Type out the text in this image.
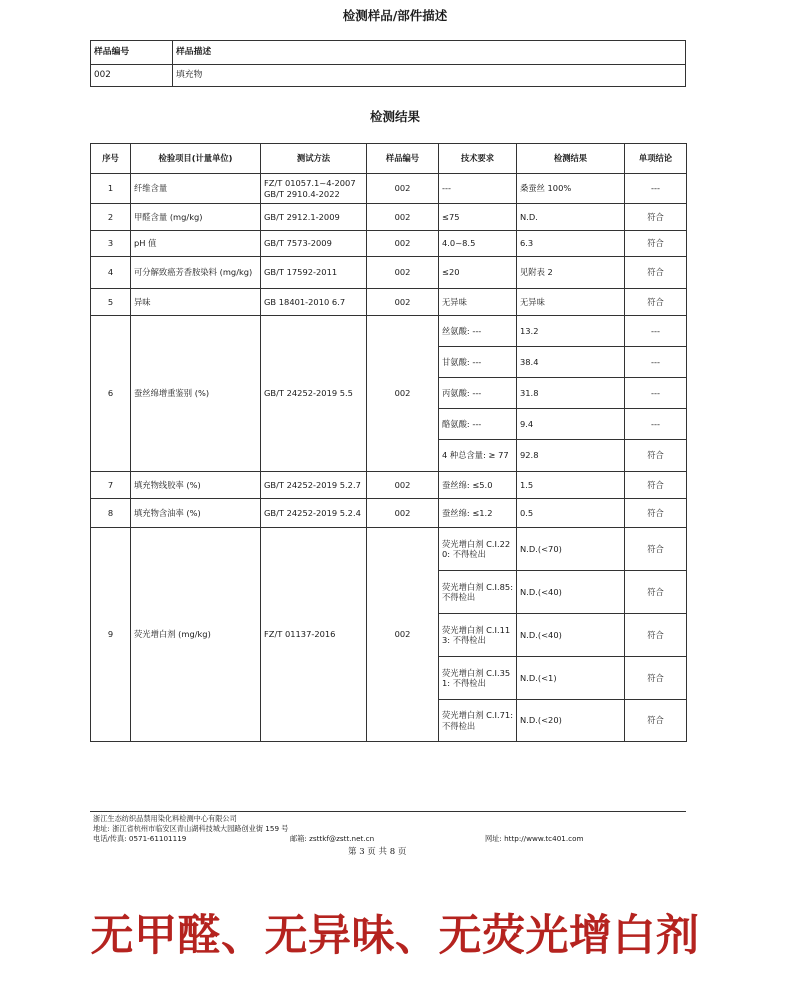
检测样品/部件描述
样品编号	样品描述
002	填充物
检测结果
序号	检验项目(计量单位)	测试方法	样品编号	技术要求	检测结果	单项结论
1	纤维含量	FZ/T 01057.1~4-2007 GB/T 2910.4-2022	002	---	桑蚕丝 100%	---
2	甲醛含量 (mg/kg)	GB/T 2912.1-2009	002	≤75	N.D.	符合
3	pH 值	GB/T 7573-2009	002	4.0~8.5	6.3	符合
4	可分解致癌芳香胺染料 (mg/kg)	GB/T 17592-2011	002	≤20	见附表 2	符合
5	异味	GB 18401-2010 6.7	002	无异味	无异味	符合
6	蚕丝绵增重鉴别 (%)	GB/T 24252-2019 5.5	002	丝氨酸: ---	13.2	---
				甘氨酸: ---	38.4	---
				丙氨酸: ---	31.8	---
				酪氨酸: ---	9.4	---
				4 种总含量: ≥ 77	92.8	符合
7	填充物线胶率 (%)	GB/T 24252-2019 5.2.7	002	蚕丝绵: ≤5.0	1.5	符合
8	填充物含油率 (%)	GB/T 24252-2019 5.2.4	002	蚕丝绵: ≤1.2	0.5	符合
9	荧光增白剂 (mg/kg)	FZ/T 01137-2016	002	荧光增白剂 C.I.220: 不得检出	N.D.(<70)	符合
				荧光增白剂 C.I.85: 不得检出	N.D.(<40)	符合
				荧光增白剂 C.I.113: 不得检出	N.D.(<40)	符合
				荧光增白剂 C.I.351: 不得检出	N.D.(<1)	符合
				荧光增白剂 C.I.71: 不得检出	N.D.(<20)	符合
浙江生态纺织品禁用染化料检测中心有限公司
地址: 浙江省杭州市临安区青山湖科技城大园路创业街 159 号
电话/传真: 0571-61101119	邮箱: zsttkf@zstt.net.cn	网址: http://www.tc401.com
第 3 页 共 8 页
无甲醛、无异味、无荧光增白剂
